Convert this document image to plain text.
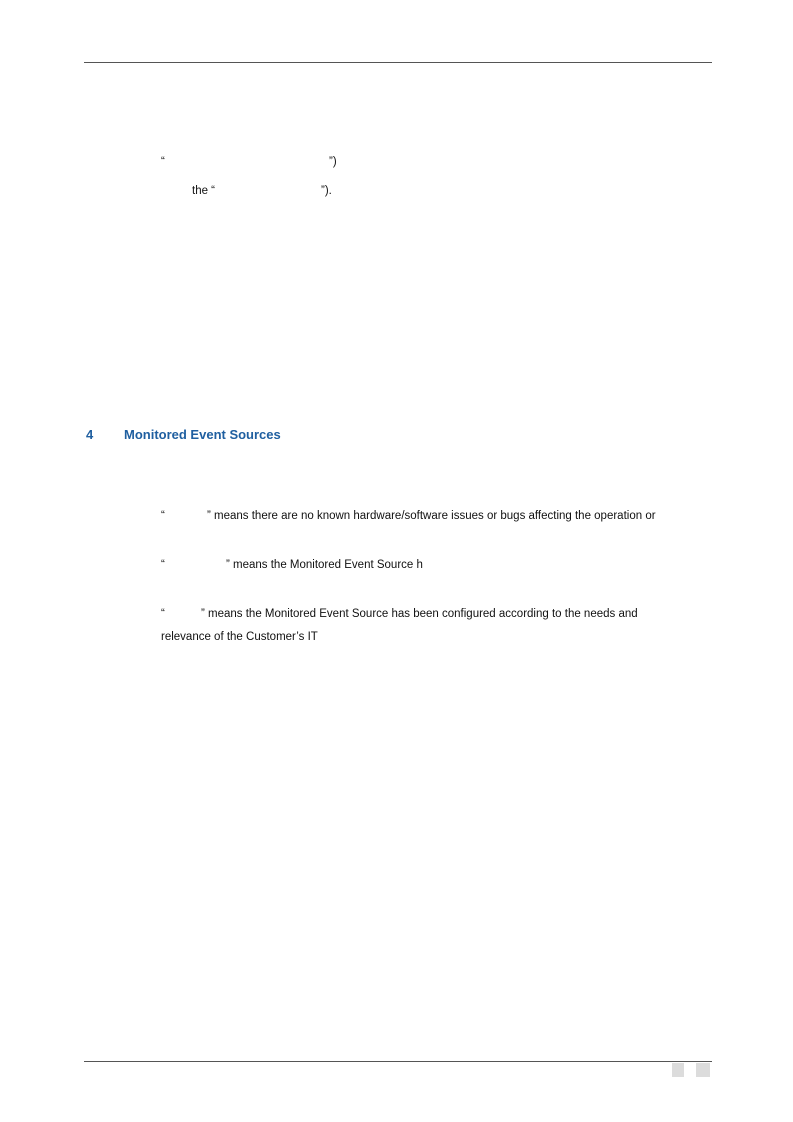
“	”)
the “	”).
4 Monitored Event Sources
“	” means there are no known hardware/software issues or bugs affecting the operation or
“	” means the Monitored Event Source h
“	” means the Monitored Event Source has been configured according to the needs and
relevance of the Customer’s IT
